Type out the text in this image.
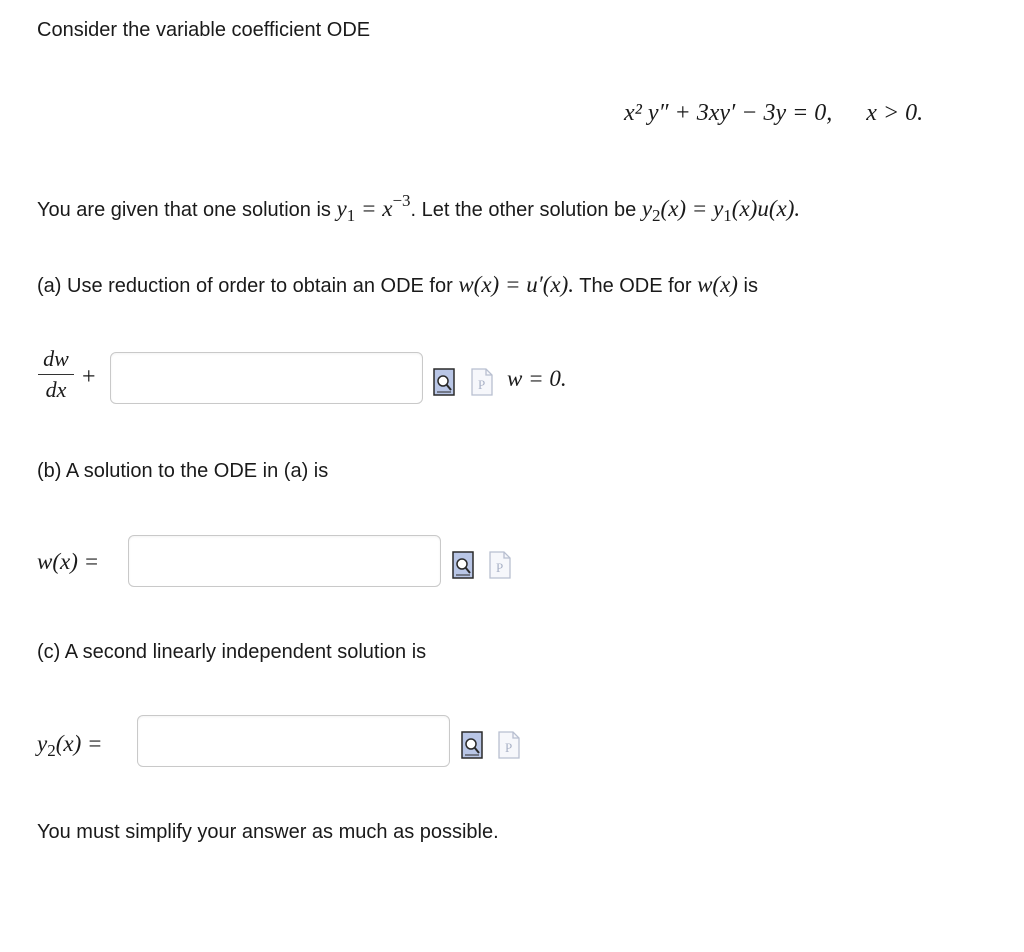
Consider the variable coefficient ODE
x² y″ + 3xy′ − 3y = 0, x > 0.
You are given that one solution is $y_1 = x^{-3}$. Let the other solution be $y_2(x) = y_1(x)u(x)$.
(a) Use reduction of order to obtain an ODE for w(x) = u′(x). The ODE for w(x) is
dw
dx +	P w = 0.
(b) A solution to the ODE in (a) is
w(x) =	P
(c) A second linearly independent solution is
$y_2(x)$ =	P
You must simplify your answer as much as possible.
